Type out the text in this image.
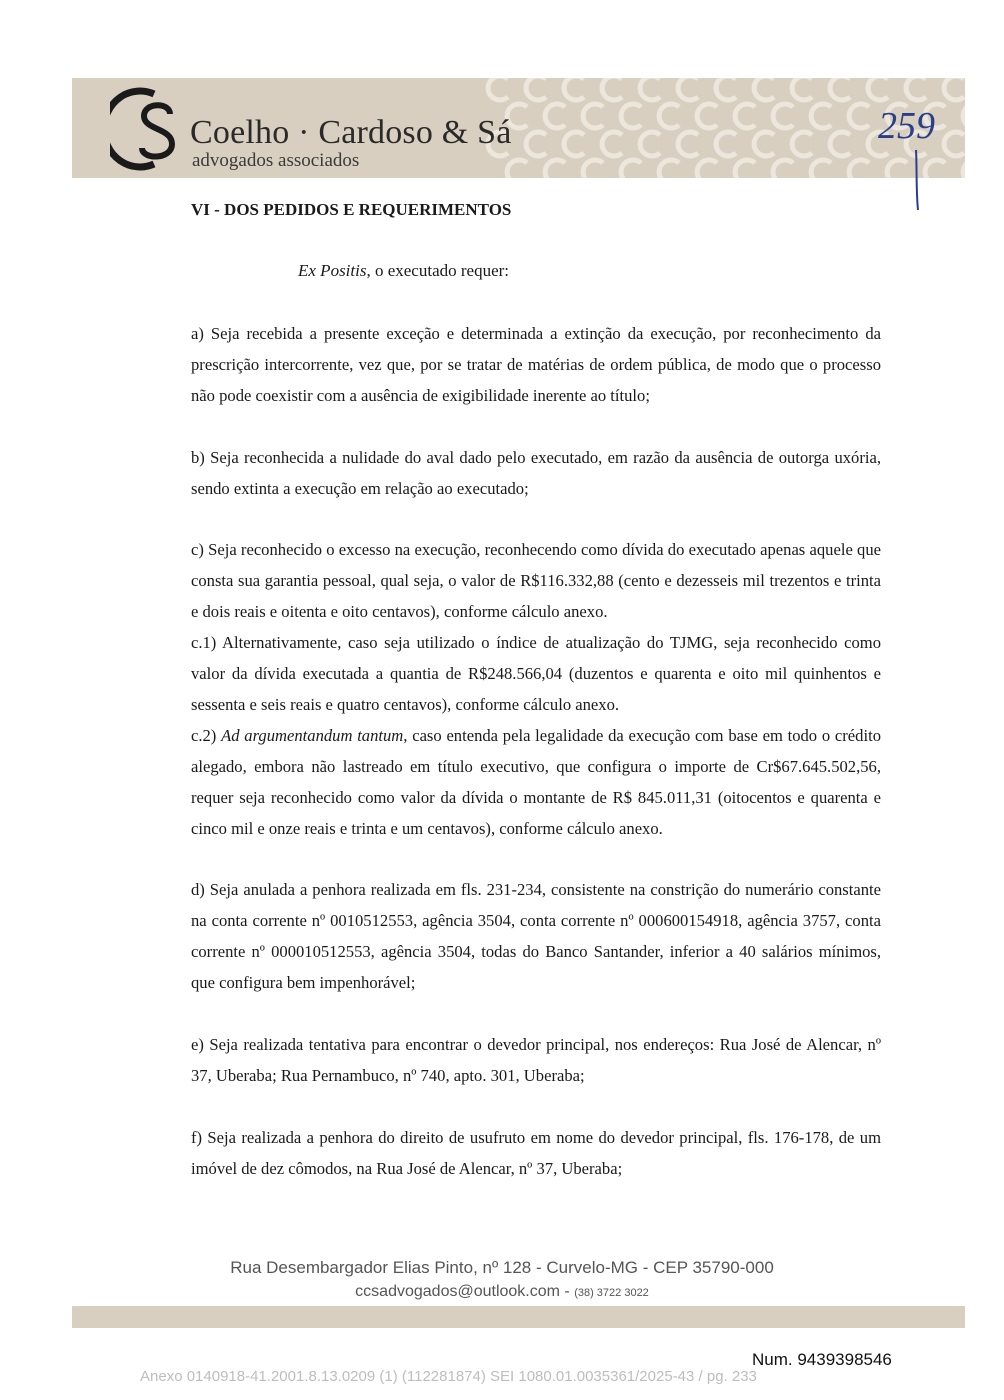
Coelho · Cardoso & Sá
advogados associados
259
VI - DOS PEDIDOS E REQUERIMENTOS
Ex Positis, o executado requer:

a) Seja recebida a presente exceção e determinada a extinção da execução, por reconhecimento da prescrição intercorrente, vez que, por se tratar de matérias de ordem pública, de modo que o processo não pode coexistir com a ausência de exigibilidade inerente ao título;

b) Seja reconhecida a nulidade do aval dado pelo executado, em razão da ausência de outorga uxória, sendo extinta a execução em relação ao executado;

c) Seja reconhecido o excesso na execução, reconhecendo como dívida do executado apenas aquele que consta sua garantia pessoal, qual seja, o valor de R$116.332,88 (cento e dezesseis mil trezentos e trinta e dois reais e oitenta e oito centavos), conforme cálculo anexo.

c.1) Alternativamente, caso seja utilizado o índice de atualização do TJMG, seja reconhecido como valor da dívida executada a quantia de R$248.566,04 (duzentos e quarenta e oito mil quinhentos e sessenta e seis reais e quatro centavos), conforme cálculo anexo.

c.2) Ad argumentandum tantum, caso entenda pela legalidade da execução com base em todo o crédito alegado, embora não lastreado em título executivo, que configura o importe de Cr$67.645.502,56, requer seja reconhecido como valor da dívida o montante de R$ 845.011,31 (oitocentos e quarenta e cinco mil e onze reais e trinta e um centavos), conforme cálculo anexo.

d) Seja anulada a penhora realizada em fls. 231-234, consistente na constrição do numerário constante na conta corrente nº 0010512553, agência 3504, conta corrente nº 000600154918, agência 3757, conta corrente nº 000010512553, agência 3504, todas do Banco Santander, inferior a 40 salários mínimos, que configura bem impenhorável;

e) Seja realizada tentativa para encontrar o devedor principal, nos endereços: Rua José de Alencar, nº 37, Uberaba; Rua Pernambuco, nº 740, apto. 301, Uberaba;

f) Seja realizada a penhora do direito de usufruto em nome do devedor principal, fls. 176-178, de um imóvel de dez cômodos, na Rua José de Alencar, nº 37, Uberaba;

Rua Desembargador Elias Pinto, nº 128 - Curvelo-MG - CEP 35790-000
ccsadvogados@outlook.com - (38) 3722 3022
Num. 9439398546
Anexo 0140918-41.2001.8.13.0209 (1) (112281874) SEI 1080.01.0035361/2025-43 / pg. 233
